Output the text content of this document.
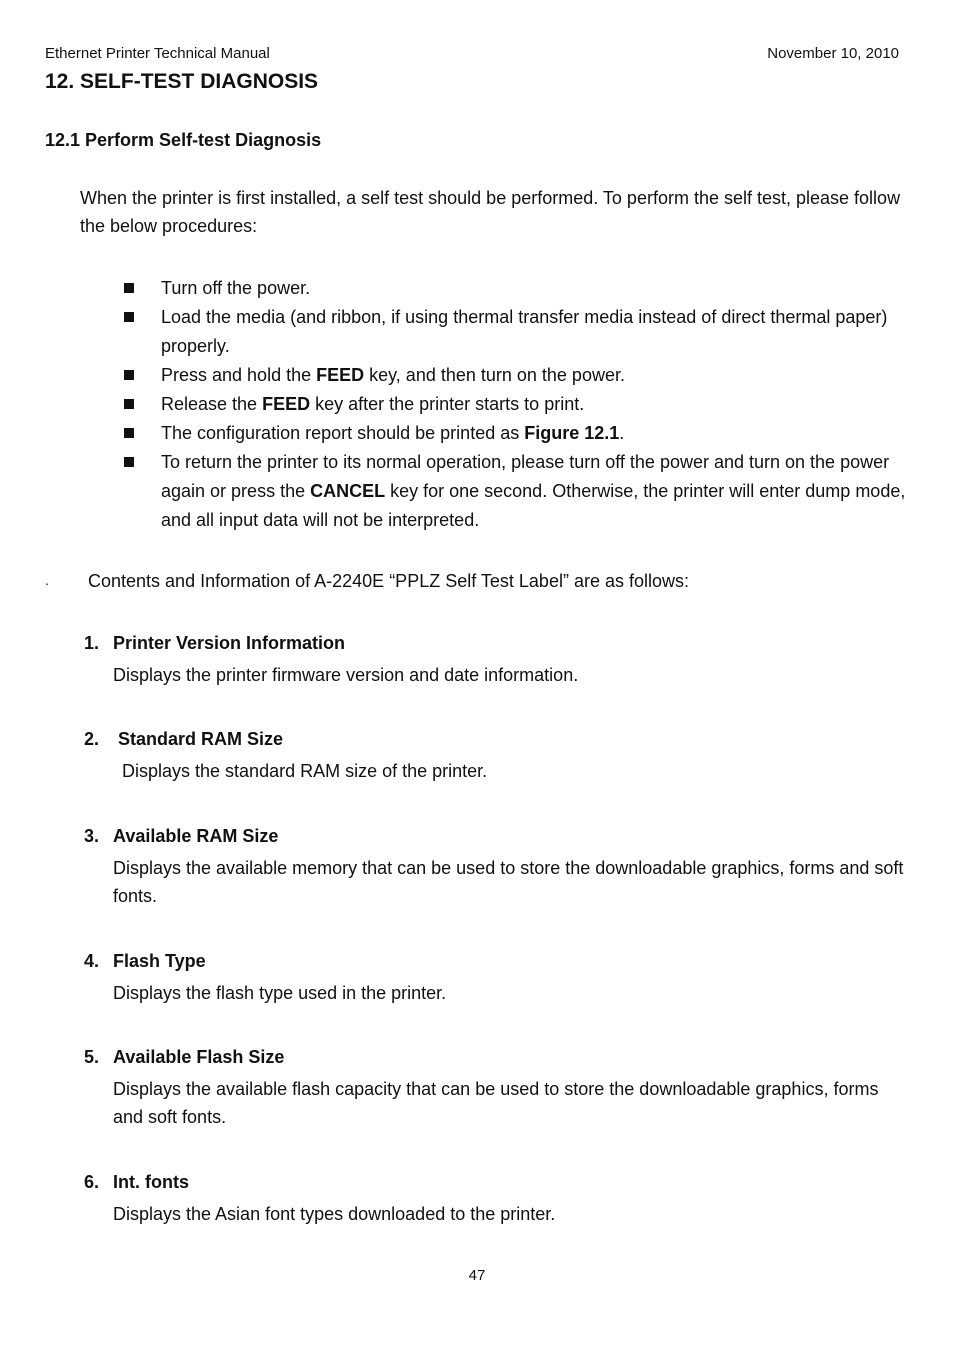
Ethernet Printer Technical Manual	November 10, 2010
12. SELF-TEST DIAGNOSIS
12.1 Perform Self-test Diagnosis
When the printer is first installed, a self test should be performed. To perform the self test, please follow the below procedures:
Turn off the power.
Load the media (and ribbon, if using thermal transfer media instead of direct thermal paper) properly.
Press and hold the FEED key, and then turn on the power.
Release the FEED key after the printer starts to print.
The configuration report should be printed as Figure 12.1.
To return the printer to its normal operation, please turn off the power and turn on the power again or press the CANCEL key for one second. Otherwise, the printer will enter dump mode, and all input data will not be interpreted.
. Contents and Information of A-2240E “PPLZ Self Test Label” are as follows:
1. Printer Version Information
Displays the printer firmware version and date information.
2. Standard RAM Size
Displays the standard RAM size of the printer.
3. Available RAM Size
Displays the available memory that can be used to store the downloadable graphics, forms and soft fonts.
4. Flash Type
Displays the flash type used in the printer.
5. Available Flash Size
Displays the available flash capacity that can be used to store the downloadable graphics, forms and soft fonts.
6. Int. fonts
Displays the Asian font types downloaded to the printer.
47
